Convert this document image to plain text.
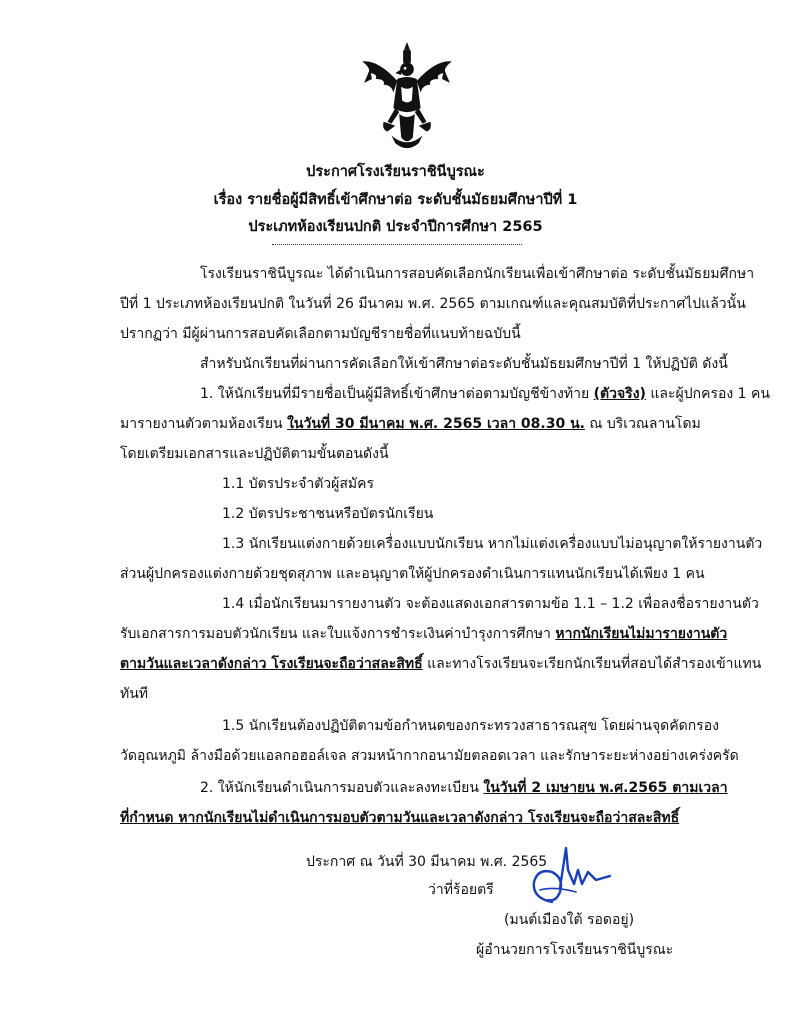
ประกาศโรงเรียนราชินีบูรณะ
เรื่อง รายชื่อผู้มีสิทธิ์เข้าศึกษาต่อ ระดับชั้นมัธยมศึกษาปีที่ 1
ประเภทห้องเรียนปกติ ประจำปีการศึกษา 2565
โรงเรียนราชินีบูรณะ ได้ดำเนินการสอบคัดเลือกนักเรียนเพื่อเข้าศึกษาต่อ ระดับชั้นมัธยมศึกษา
ปีที่ 1 ประเภทห้องเรียนปกติ ในวันที่ 26 มีนาคม พ.ศ. 2565 ตามเกณฑ์และคุณสมบัติที่ประกาศไปแล้วนั้น
ปรากฏว่า มีผู้ผ่านการสอบคัดเลือกตามบัญชีรายชื่อที่แนบท้ายฉบับนี้
สำหรับนักเรียนที่ผ่านการคัดเลือกให้เข้าศึกษาต่อระดับชั้นมัธยมศึกษาปีที่ 1 ให้ปฏิบัติ ดังนี้
1. ให้นักเรียนที่มีรายชื่อเป็นผู้มีสิทธิ์เข้าศึกษาต่อตามบัญชีข้างท้าย (ตัวจริง) และผู้ปกครอง 1 คน
มารายงานตัวตามห้องเรียน ในวันที่ 30 มีนาคม พ.ศ. 2565 เวลา 08.30 น. ณ บริเวณลานโดม
โดยเตรียมเอกสารและปฏิบัติตามขั้นตอนดังนี้
1.1 บัตรประจำตัวผู้สมัคร
1.2 บัตรประชาชนหรือบัตรนักเรียน
1.3 นักเรียนแต่งกายด้วยเครื่องแบบนักเรียน หากไม่แต่งเครื่องแบบไม่อนุญาตให้รายงานตัว
ส่วนผู้ปกครองแต่งกายด้วยชุดสุภาพ และอนุญาตให้ผู้ปกครองดำเนินการแทนนักเรียนได้เพียง 1 คน
1.4 เมื่อนักเรียนมารายงานตัว จะต้องแสดงเอกสารตามข้อ 1.1 – 1.2 เพื่อลงชื่อรายงานตัว
รับเอกสารการมอบตัวนักเรียน และใบแจ้งการชำระเงินค่าบำรุงการศึกษา หากนักเรียนไม่มารายงานตัว
ตามวันและเวลาดังกล่าว โรงเรียนจะถือว่าสละสิทธิ์ และทางโรงเรียนจะเรียกนักเรียนที่สอบได้สำรองเข้าแทน
ทันที
1.5 นักเรียนต้องปฏิบัติตามข้อกำหนดของกระทรวงสาธารณสุข โดยผ่านจุดคัดกรอง
วัดอุณหภูมิ ล้างมือด้วยแอลกอฮอล์เจล สวมหน้ากากอนามัยตลอดเวลา และรักษาระยะห่างอย่างเคร่งครัด
2. ให้นักเรียนดำเนินการมอบตัวและลงทะเบียน ในวันที่ 2 เมษายน พ.ศ.2565 ตามเวลา
ที่กำหนด หากนักเรียนไม่ดำเนินการมอบตัวตามวันและเวลาดังกล่าว โรงเรียนจะถือว่าสละสิทธิ์
ประกาศ ณ วันที่ 30 มีนาคม พ.ศ. 2565
ว่าที่ร้อยตรี
(มนต์เมืองใต้ รอดอยู่)
ผู้อำนวยการโรงเรียนราชินีบูรณะ
